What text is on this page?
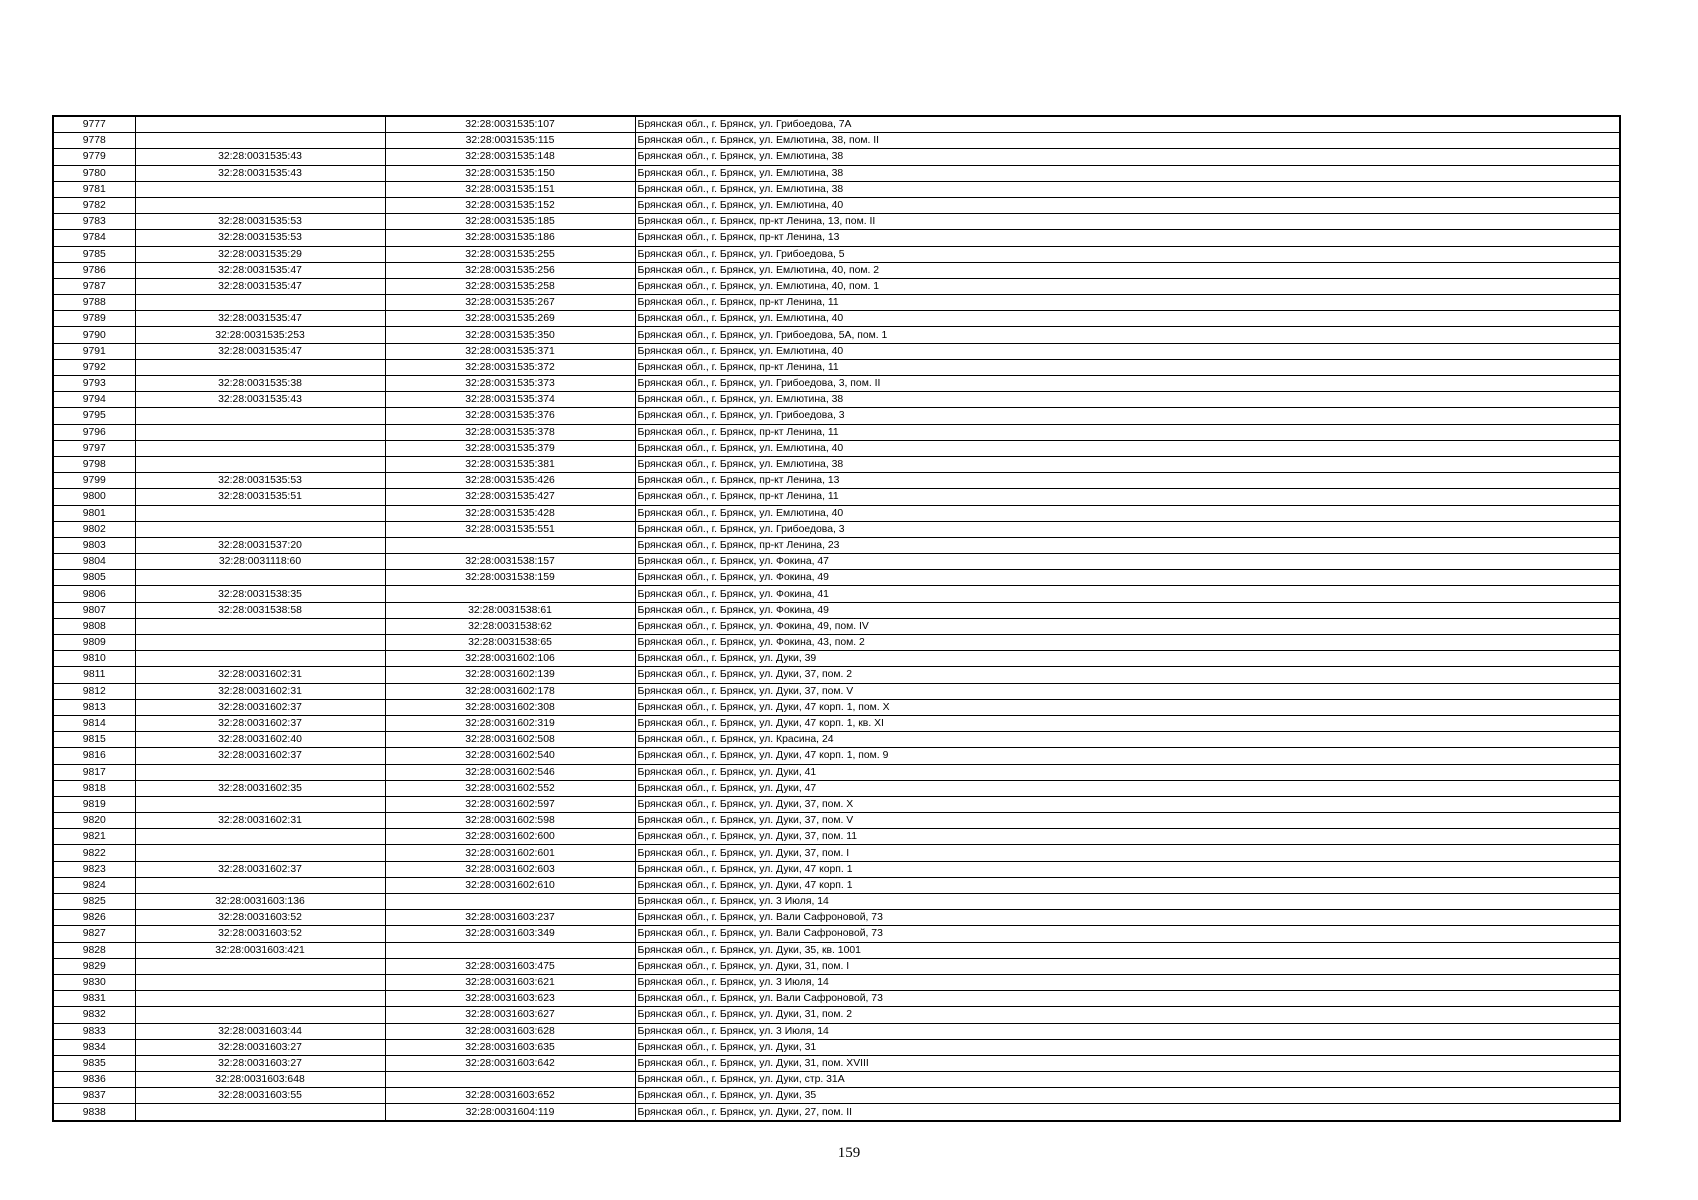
9777		32:28:0031535:107	Брянская обл., г. Брянск, ул. Грибоедова, 7А
9778		32:28:0031535:115	Брянская обл., г. Брянск, ул. Емлютина, 38, пом. II
9779	32:28:0031535:43	32:28:0031535:148	Брянская обл., г. Брянск, ул. Емлютина, 38
9780	32:28:0031535:43	32:28:0031535:150	Брянская обл., г. Брянск, ул. Емлютина, 38
9781		32:28:0031535:151	Брянская обл., г. Брянск, ул. Емлютина, 38
9782		32:28:0031535:152	Брянская обл., г. Брянск, ул. Емлютина, 40
9783	32:28:0031535:53	32:28:0031535:185	Брянская обл., г. Брянск, пр-кт Ленина, 13, пом. II
9784	32:28:0031535:53	32:28:0031535:186	Брянская обл., г. Брянск, пр-кт Ленина, 13
9785	32:28:0031535:29	32:28:0031535:255	Брянская обл., г. Брянск, ул. Грибоедова, 5
9786	32:28:0031535:47	32:28:0031535:256	Брянская обл., г. Брянск, ул. Емлютина, 40, пом. 2
9787	32:28:0031535:47	32:28:0031535:258	Брянская обл., г. Брянск, ул. Емлютина, 40, пом. 1
9788		32:28:0031535:267	Брянская обл., г. Брянск, пр-кт Ленина, 11
9789	32:28:0031535:47	32:28:0031535:269	Брянская обл., г. Брянск, ул. Емлютина, 40
9790	32:28:0031535:253	32:28:0031535:350	Брянская обл., г. Брянск, ул. Грибоедова, 5А, пом. 1
9791	32:28:0031535:47	32:28:0031535:371	Брянская обл., г. Брянск, ул. Емлютина, 40
9792		32:28:0031535:372	Брянская обл., г. Брянск, пр-кт Ленина, 11
9793	32:28:0031535:38	32:28:0031535:373	Брянская обл., г. Брянск, ул. Грибоедова, 3, пом. II
9794	32:28:0031535:43	32:28:0031535:374	Брянская обл., г. Брянск, ул. Емлютина, 38
9795		32:28:0031535:376	Брянская обл., г. Брянск, ул. Грибоедова, 3
9796		32:28:0031535:378	Брянская обл., г. Брянск, пр-кт Ленина, 11
9797		32:28:0031535:379	Брянская обл., г. Брянск, ул. Емлютина, 40
9798		32:28:0031535:381	Брянская обл., г. Брянск, ул. Емлютина, 38
9799	32:28:0031535:53	32:28:0031535:426	Брянская обл., г. Брянск, пр-кт Ленина, 13
9800	32:28:0031535:51	32:28:0031535:427	Брянская обл., г. Брянск, пр-кт Ленина, 11
9801		32:28:0031535:428	Брянская обл., г. Брянск, ул. Емлютина, 40
9802		32:28:0031535:551	Брянская обл., г. Брянск, ул. Грибоедова, 3
9803	32:28:0031537:20		Брянская обл., г. Брянск, пр-кт Ленина, 23
9804	32:28:0031118:60	32:28:0031538:157	Брянская обл., г. Брянск, ул. Фокина, 47
9805		32:28:0031538:159	Брянская обл., г. Брянск, ул. Фокина, 49
9806	32:28:0031538:35		Брянская обл., г. Брянск, ул. Фокина, 41
9807	32:28:0031538:58	32:28:0031538:61	Брянская обл., г. Брянск, ул. Фокина, 49
9808		32:28:0031538:62	Брянская обл., г. Брянск, ул. Фокина, 49, пом. IV
9809		32:28:0031538:65	Брянская обл., г. Брянск, ул. Фокина, 43, пом. 2
9810		32:28:0031602:106	Брянская обл., г. Брянск, ул. Дуки, 39
9811	32:28:0031602:31	32:28:0031602:139	Брянская обл., г. Брянск, ул. Дуки, 37, пом. 2
9812	32:28:0031602:31	32:28:0031602:178	Брянская обл., г. Брянск, ул. Дуки, 37, пом. V
9813	32:28:0031602:37	32:28:0031602:308	Брянская обл., г. Брянск, ул. Дуки, 47 корп. 1, пом. X
9814	32:28:0031602:37	32:28:0031602:319	Брянская обл., г. Брянск, ул. Дуки, 47 корп. 1, кв. XI
9815	32:28:0031602:40	32:28:0031602:508	Брянская обл., г. Брянск, ул. Красина, 24
9816	32:28:0031602:37	32:28:0031602:540	Брянская обл., г. Брянск, ул. Дуки, 47 корп. 1, пом. 9
9817		32:28:0031602:546	Брянская обл., г. Брянск, ул. Дуки, 41
9818	32:28:0031602:35	32:28:0031602:552	Брянская обл., г. Брянск, ул. Дуки, 47
9819		32:28:0031602:597	Брянская обл., г. Брянск, ул. Дуки, 37, пом. X
9820	32:28:0031602:31	32:28:0031602:598	Брянская обл., г. Брянск, ул. Дуки, 37, пом. V
9821		32:28:0031602:600	Брянская обл., г. Брянск, ул. Дуки, 37, пом. 11
9822		32:28:0031602:601	Брянская обл., г. Брянск, ул. Дуки, 37, пом. I
9823	32:28:0031602:37	32:28:0031602:603	Брянская обл., г. Брянск, ул. Дуки, 47 корп. 1
9824		32:28:0031602:610	Брянская обл., г. Брянск, ул. Дуки, 47 корп. 1
9825	32:28:0031603:136		Брянская обл., г. Брянск, ул. 3 Июля, 14
9826	32:28:0031603:52	32:28:0031603:237	Брянская обл., г. Брянск, ул. Вали Сафроновой, 73
9827	32:28:0031603:52	32:28:0031603:349	Брянская обл., г. Брянск, ул. Вали Сафроновой, 73
9828	32:28:0031603:421		Брянская обл., г. Брянск, ул. Дуки, 35, кв. 1001
9829		32:28:0031603:475	Брянская обл., г. Брянск, ул. Дуки, 31, пом. I
9830		32:28:0031603:621	Брянская обл., г. Брянск, ул. 3 Июля, 14
9831		32:28:0031603:623	Брянская обл., г. Брянск, ул. Вали Сафроновой, 73
9832		32:28:0031603:627	Брянская обл., г. Брянск, ул. Дуки, 31, пом. 2
9833	32:28:0031603:44	32:28:0031603:628	Брянская обл., г. Брянск, ул. 3 Июля, 14
9834	32:28:0031603:27	32:28:0031603:635	Брянская обл., г. Брянск, ул. Дуки, 31
9835	32:28:0031603:27	32:28:0031603:642	Брянская обл., г. Брянск, ул. Дуки, 31, пом. XVIII
9836	32:28:0031603:648		Брянская обл., г. Брянск, ул. Дуки, стр. 31А
9837	32:28:0031603:55	32:28:0031603:652	Брянская обл., г. Брянск, ул. Дуки, 35
9838		32:28:0031604:119	Брянская обл., г. Брянск, ул. Дуки, 27, пом. II
159
